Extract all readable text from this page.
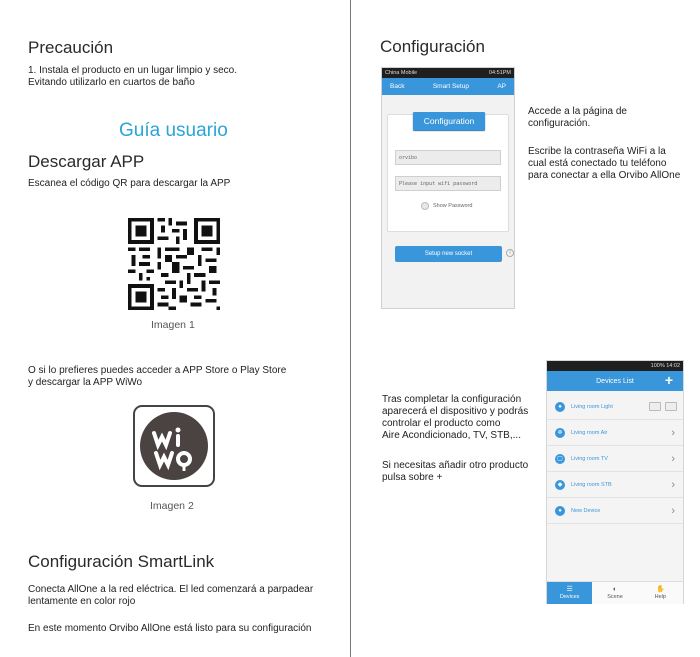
Precaución
1. Instala el producto en un lugar limpio y seco.
Evitando utilizarlo en cuartos de baño
Guía usuario
Descargar APP
Escanea el código QR para descargar la APP
Imagen 1
O si lo prefieres puedes acceder a APP Store o Play Store
y descargar la APP WiWo
Imagen 2
Configuración SmartLink
Conecta AllOne a la red eléctrica. El led comenzará a parpadear
lentamente en color rojo
En este momento Orvibo AllOne está listo para su configuración
Configuración
China Mobile	04:51PM
Back	Smart Setup	AP
Configuration
orvibo
Please input wifi password
Show Password
Setup new socket	i
Accede a la página de
configuración.
Escribe la contraseña WiFi a la
cual está conectado tu teléfono
para conectar a ella Orvibo AllOne
Tras completar la configuración
aparecerá el dispositivo y podrás
controlar el producto como
Aire Acondicionado, TV, STB,...
Si necesitas añadir otro producto
pulsa sobre +
100% 14:02
Devices List +
●	Living room Light
❄	Living room Air	›
▢	Living room TV	›
◆	Living room STB	›
●	New Device	›
☰
Devices
◐
Scene
✋
Help
